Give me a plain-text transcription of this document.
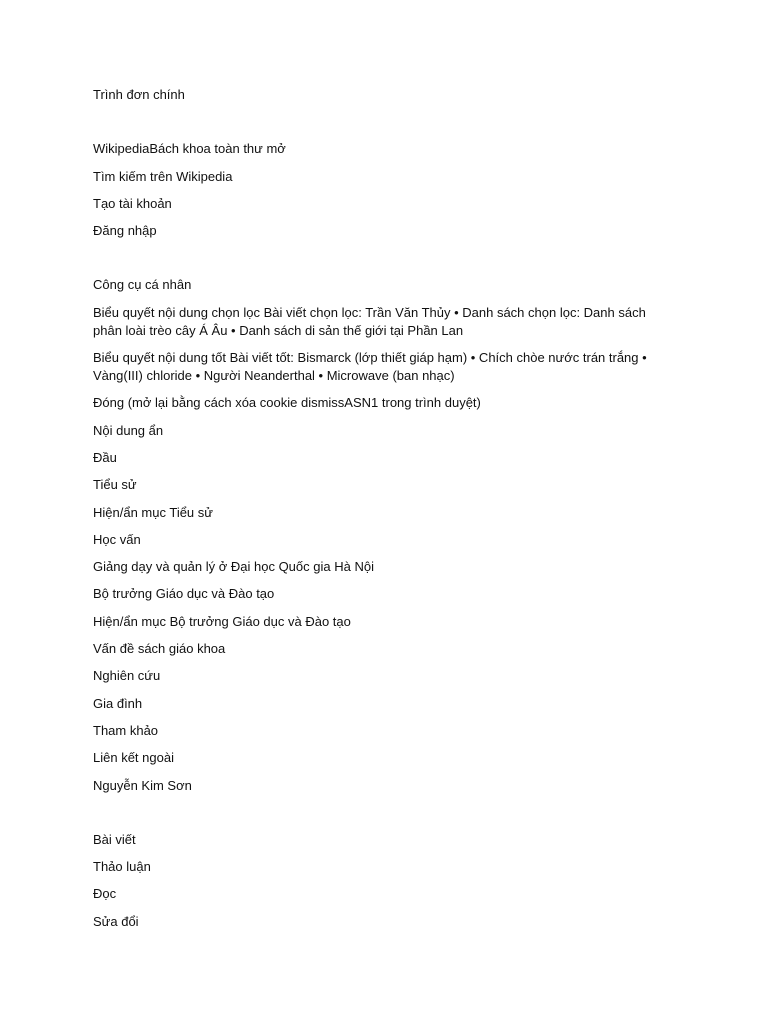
Trình đơn chính
WikipediaBách khoa toàn thư mở
Tìm kiếm trên Wikipedia
Tạo tài khoản
Đăng nhập
Công cụ cá nhân
Biểu quyết nội dung chọn lọc Bài viết chọn lọc: Trần Văn Thủy • Danh sách chọn lọc: Danh sách phân loài trèo cây Á Âu • Danh sách di sản thế giới tại Phần Lan
Biểu quyết nội dung tốt Bài viết tốt: Bismarck (lớp thiết giáp hạm) • Chích chòe nước trán trắng • Vàng(III) chloride • Người Neanderthal • Microwave (ban nhạc)
Đóng (mở lại bằng cách xóa cookie dismissASN1 trong trình duyệt)
Nội dung ẩn
Đầu
Tiểu sử
Hiện/ẩn mục Tiểu sử
Học vấn
Giảng dạy và quản lý ở Đại học Quốc gia Hà Nội
Bộ trưởng Giáo dục và Đào tạo
Hiện/ẩn mục Bộ trưởng Giáo dục và Đào tạo
Vấn đề sách giáo khoa
Nghiên cứu
Gia đình
Tham khảo
Liên kết ngoài
Nguyễn Kim Sơn
Bài viết
Thảo luận
Đọc
Sửa đổi
